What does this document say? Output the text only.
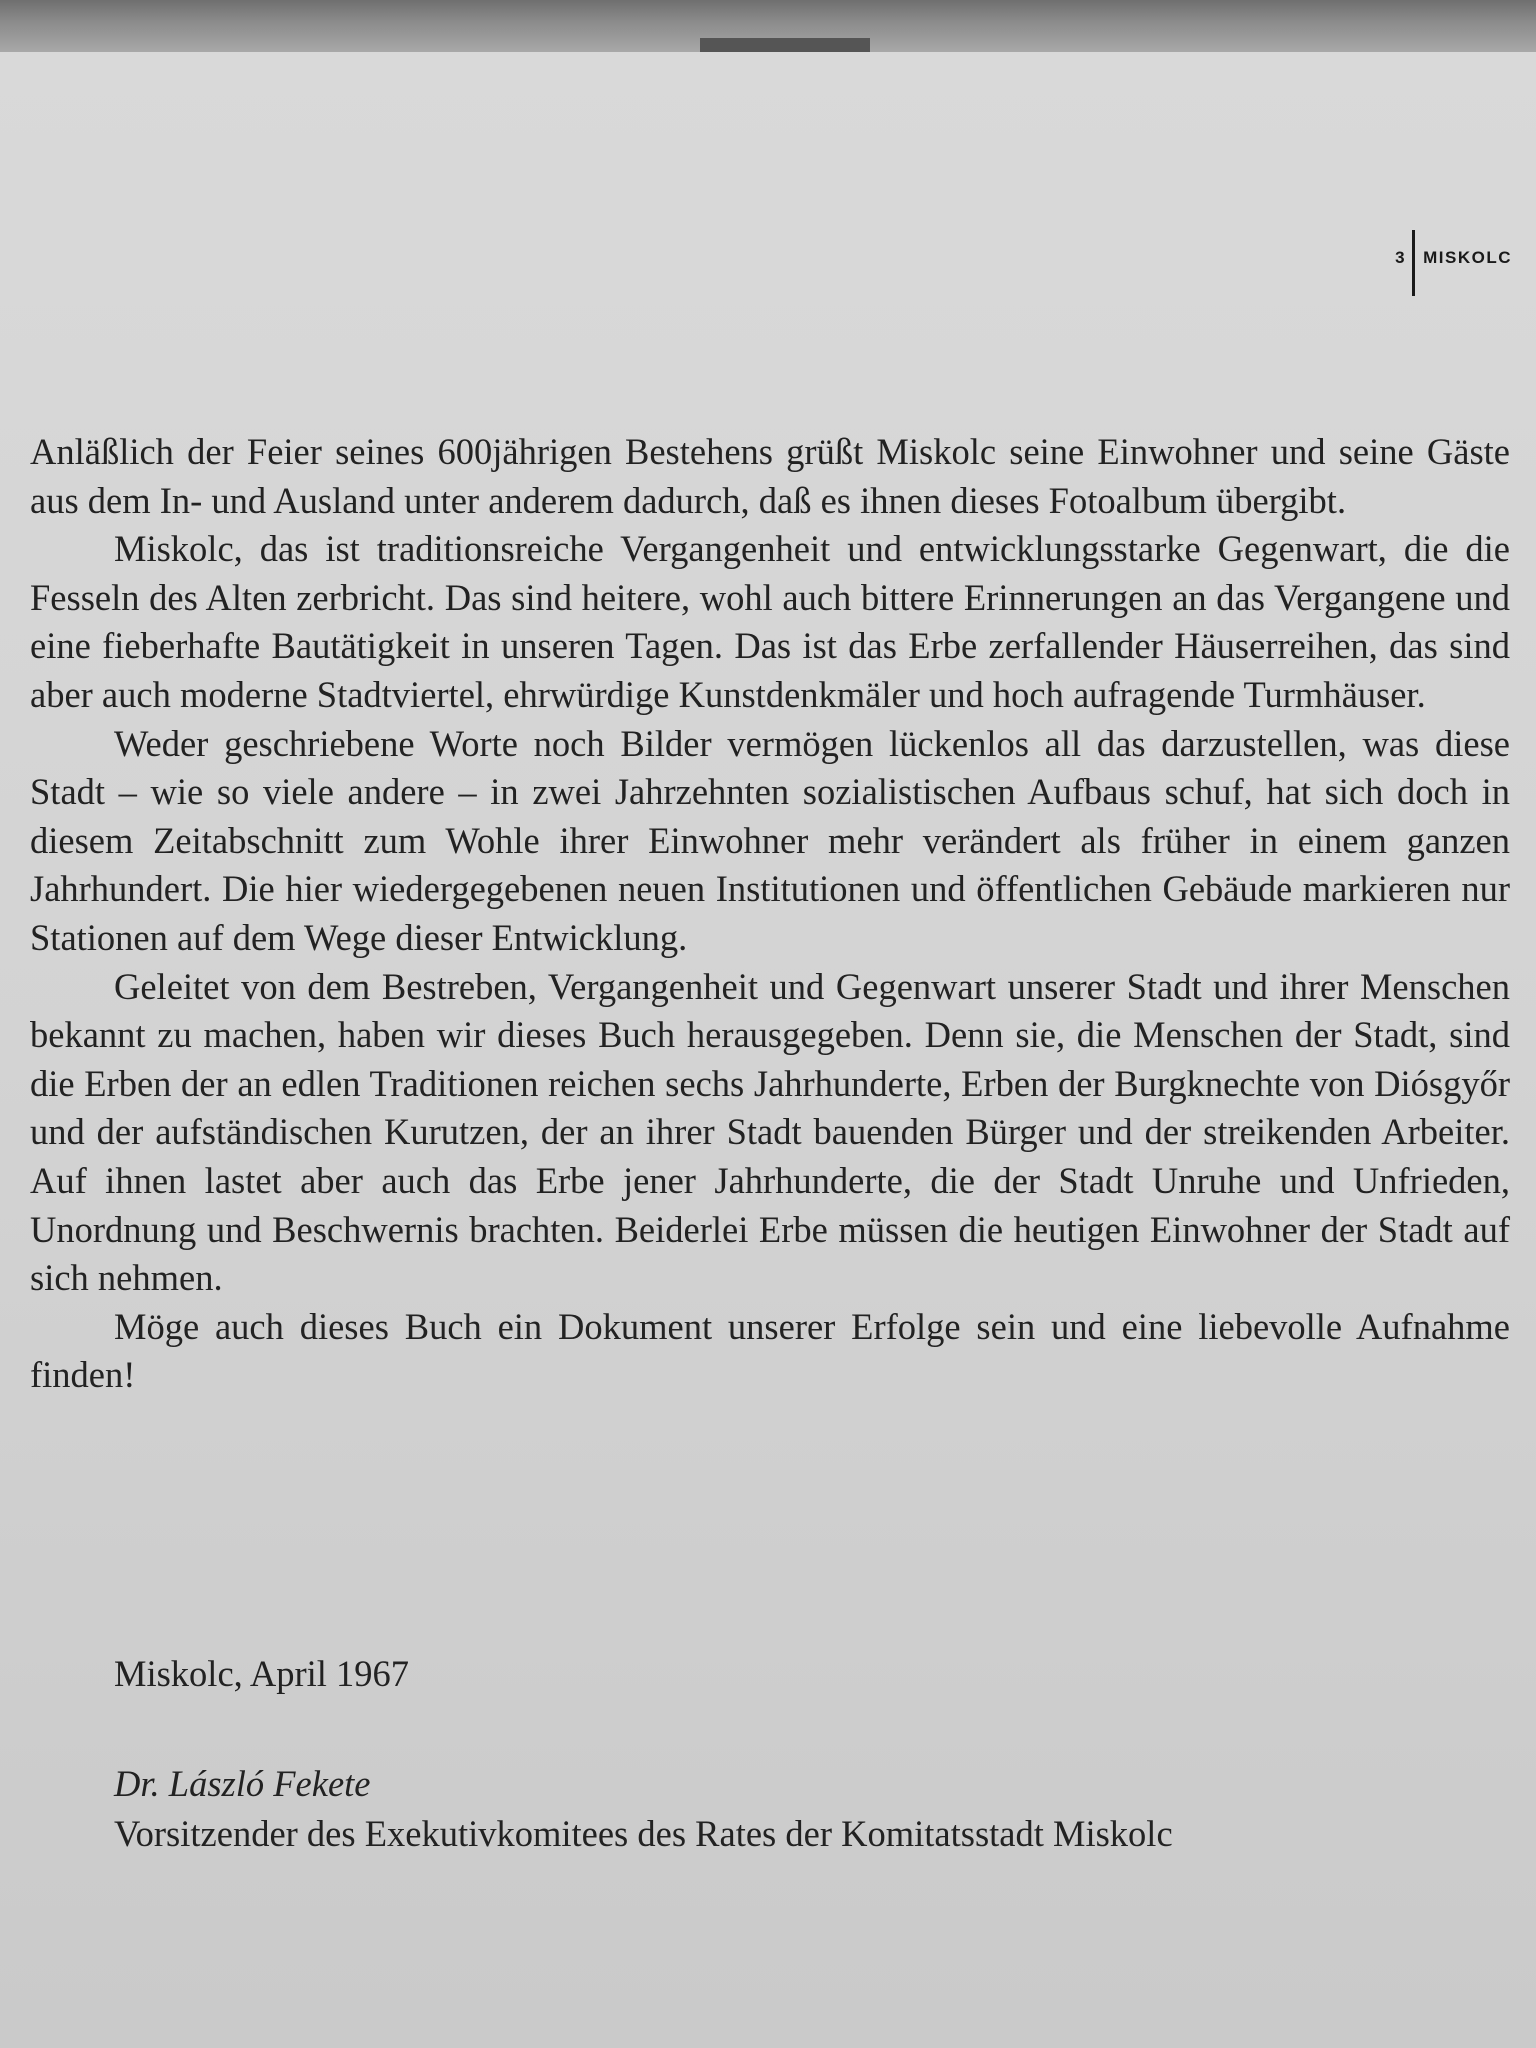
3 MISKOLC

Anläßlich der Feier seines 600jährigen Bestehens grüßt Miskolc seine Einwohner und seine Gäste aus dem In- und Ausland unter anderem dadurch, daß es ihnen dieses Fotoalbum übergibt.

Miskolc, das ist traditionsreiche Vergangenheit und entwicklungsstarke Gegenwart, die die Fesseln des Alten zerbricht. Das sind heitere, wohl auch bittere Erinnerungen an das Vergangene und eine fieberhafte Bautätigkeit in unseren Tagen. Das ist das Erbe zerfallender Häuserreihen, das sind aber auch moderne Stadtviertel, ehrwürdige Kunstdenkmäler und hoch aufragende Turmhäuser.

Weder geschriebene Worte noch Bilder vermögen lückenlos all das darzustellen, was diese Stadt – wie so viele andere – in zwei Jahrzehnten sozialistischen Aufbaus schuf, hat sich doch in diesem Zeitabschnitt zum Wohle ihrer Einwohner mehr verändert als früher in einem ganzen Jahrhundert. Die hier wiedergegebenen neuen Institutionen und öffentlichen Gebäude markieren nur Stationen auf dem Wege dieser Entwicklung.

Geleitet von dem Bestreben, Vergangenheit und Gegenwart unserer Stadt und ihrer Menschen bekannt zu machen, haben wir dieses Buch herausgegeben. Denn sie, die Menschen der Stadt, sind die Erben der an edlen Traditionen reichen sechs Jahrhunderte, Erben der Burgknechte von Diósgyőr und der aufständischen Kurutzen, der an ihrer Stadt bauenden Bürger und der streikenden Arbeiter. Auf ihnen lastet aber auch das Erbe jener Jahrhunderte, die der Stadt Unruhe und Unfrieden, Unordnung und Beschwernis brachten. Beiderlei Erbe müssen die heutigen Einwohner der Stadt auf sich nehmen.

Möge auch dieses Buch ein Dokument unserer Erfolge sein und eine liebevolle Aufnahme finden!

Miskolc, April 1967
Dr. László Fekete
Vorsitzender des Exekutivkomitees des Rates der Komitatsstadt Miskolc
